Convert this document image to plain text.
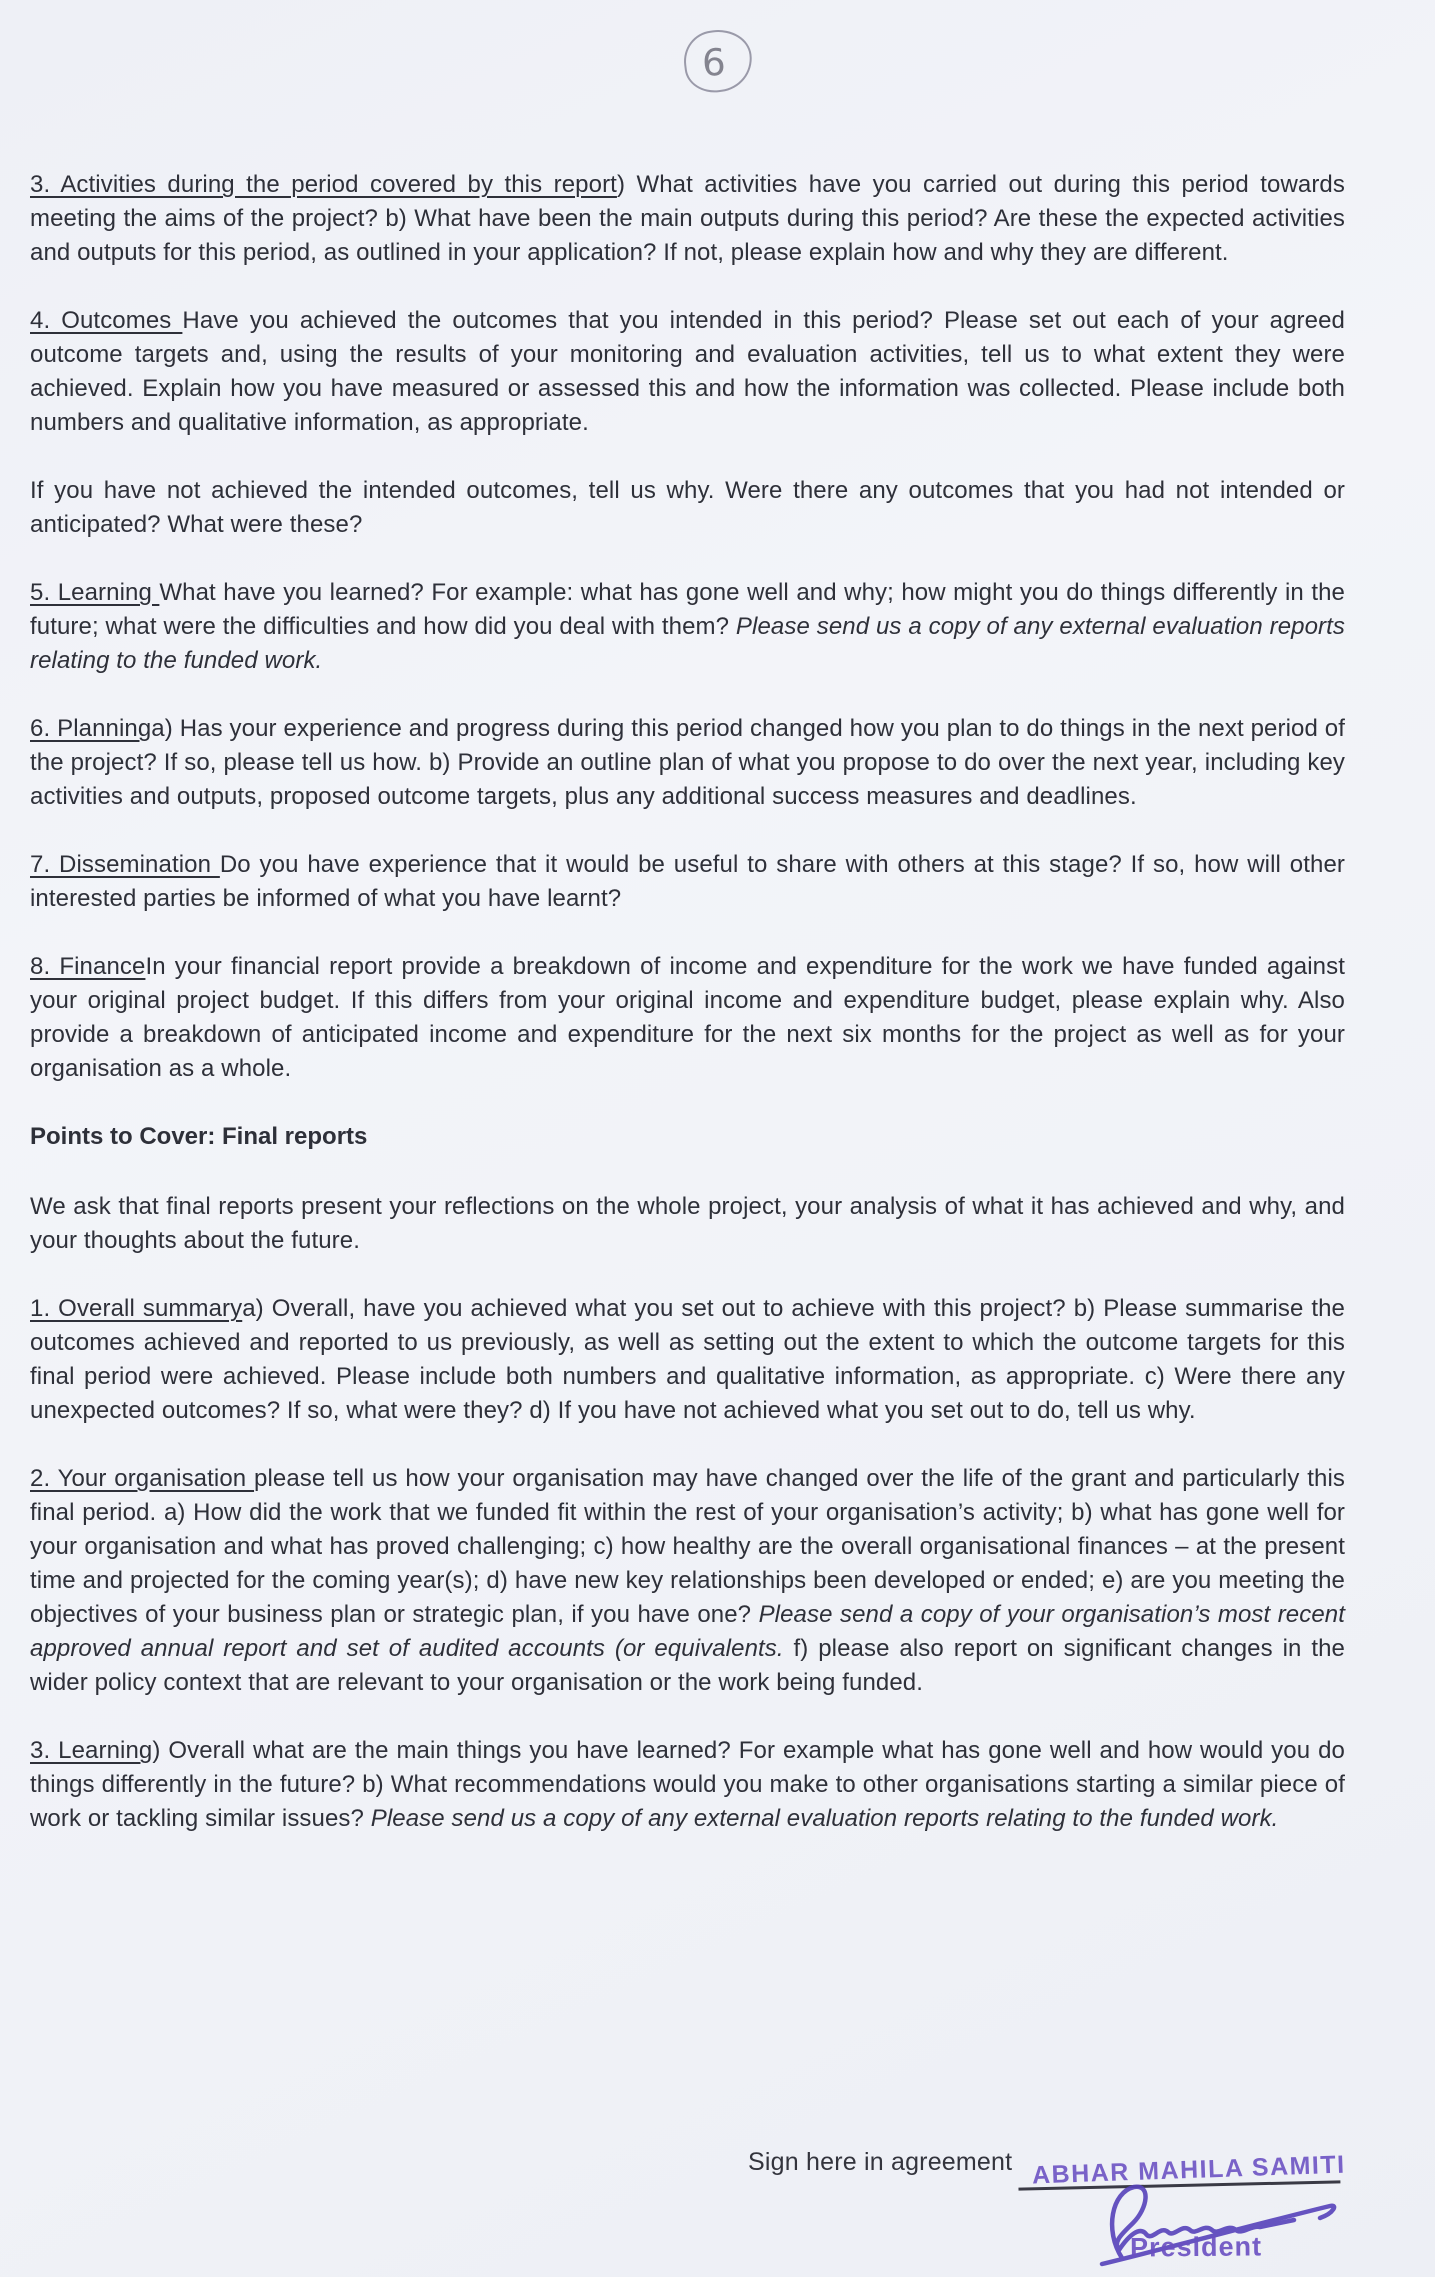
6

3. Activities during the period covered by this report) What activities have you carried out during this period towards meeting the aims of the project? b) What have been the main outputs during this period? Are these the expected activities and outputs for this period, as outlined in your application? If not, please explain how and why they are different.

4. Outcomes Have you achieved the outcomes that you intended in this period? Please set out each of your agreed outcome targets and, using the results of your monitoring and evaluation activities, tell us to what extent they were achieved. Explain how you have measured or assessed this and how the information was collected. Please include both numbers and qualitative information, as appropriate.

If you have not achieved the intended outcomes, tell us why. Were there any outcomes that you had not intended or anticipated? What were these?

5. Learning What have you learned? For example: what has gone well and why; how might you do things differently in the future; what were the difficulties and how did you deal with them? Please send us a copy of any external evaluation reports relating to the funded work.

6. Planninga) Has your experience and progress during this period changed how you plan to do things in the next period of the project? If so, please tell us how. b) Provide an outline plan of what you propose to do over the next year, including key activities and outputs, proposed outcome targets, plus any additional success measures and deadlines.

7. Dissemination Do you have experience that it would be useful to share with others at this stage? If so, how will other interested parties be informed of what you have learnt?

8. FinanceIn your financial report provide a breakdown of income and expenditure for the work we have funded against your original project budget. If this differs from your original income and expenditure budget, please explain why. Also provide a breakdown of anticipated income and expenditure for the next six months for the project as well as for your organisation as a whole.

Points to Cover: Final reports

We ask that final reports present your reflections on the whole project, your analysis of what it has achieved and why, and your thoughts about the future.

1. Overall summarya) Overall, have you achieved what you set out to achieve with this project? b) Please summarise the outcomes achieved and reported to us previously, as well as setting out the extent to which the outcome targets for this final period were achieved. Please include both numbers and qualitative information, as appropriate. c) Were there any unexpected outcomes? If so, what were they? d) If you have not achieved what you set out to do, tell us why.

2. Your organisation please tell us how your organisation may have changed over the life of the grant and particularly this final period. a) How did the work that we funded fit within the rest of your organisation’s activity; b) what has gone well for your organisation and what has proved challenging; c) how healthy are the overall organisational finances – at the present time and projected for the coming year(s); d) have new key relationships been developed or ended; e) are you meeting the objectives of your business plan or strategic plan, if you have one? Please send a copy of your organisation’s most recent approved annual report and set of audited accounts (or equivalents. f) please also report on significant changes in the wider policy context that are relevant to your organisation or the work being funded.

3. Learning) Overall what are the main things you have learned? For example what has gone well and how would you do things differently in the future? b) What recommendations would you make to other organisations starting a similar piece of work or tackling similar issues? Please send us a copy of any external evaluation reports relating to the funded work.

Sign here in agreement ABHAR MAHILA SAMITI
President
